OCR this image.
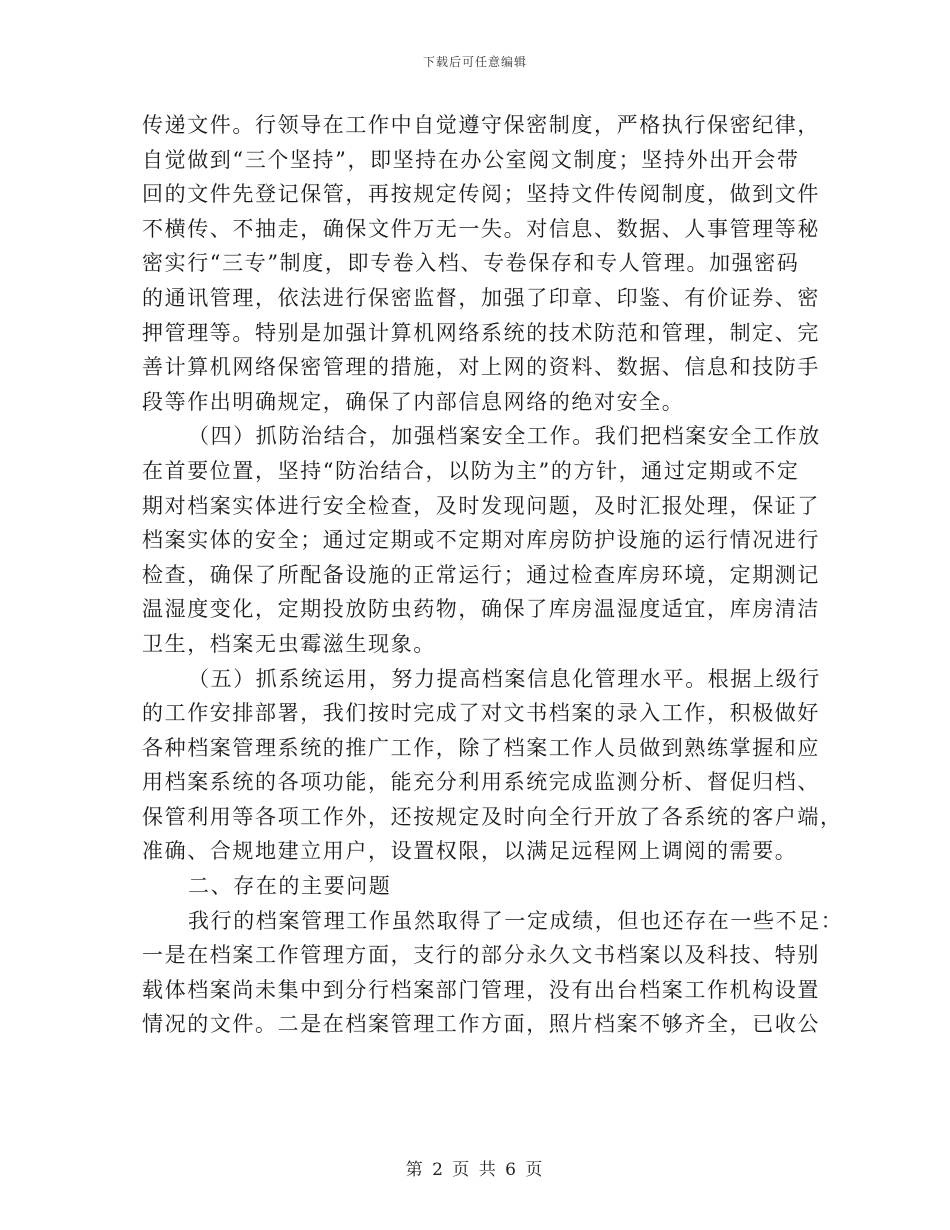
下载后可任意编辑
传递文件。行领导在工作中自觉遵守保密制度，严格执行保密纪律，
自觉做到“三个坚持”，即坚持在办公室阅文制度；坚持外出开会带
回的文件先登记保管，再按规定传阅；坚持文件传阅制度，做到文件
不横传、不抽走，确保文件万无一失。对信息、数据、人事管理等秘
密实行“三专”制度，即专卷入档、专卷保存和专人管理。加强密码
的通讯管理，依法进行保密监督，加强了印章、印鉴、有价证券、密
押管理等。特别是加强计算机网络系统的技术防范和管理，制定、完
善计算机网络保密管理的措施，对上网的资料、数据、信息和技防手
段等作出明确规定，确保了内部信息网络的绝对安全。
（四）抓防治结合，加强档案安全工作。我们把档案安全工作放
在首要位置，坚持“防治结合，以防为主”的方针，通过定期或不定
期对档案实体进行安全检查，及时发现问题，及时汇报处理，保证了
档案实体的安全；通过定期或不定期对库房防护设施的运行情况进行
检查，确保了所配备设施的正常运行；通过检查库房环境，定期测记
温湿度变化，定期投放防虫药物，确保了库房温湿度适宜，库房清洁
卫生，档案无虫霉滋生现象。
（五）抓系统运用，努力提高档案信息化管理水平。根据上级行
的工作安排部署，我们按时完成了对文书档案的录入工作，积极做好
各种档案管理系统的推广工作，除了档案工作人员做到熟练掌握和应
用档案系统的各项功能，能充分利用系统完成监测分析、督促归档、
保管利用等各项工作外，还按规定及时向全行开放了各系统的客户端，
准确、合规地建立用户，设置权限，以满足远程网上调阅的需要。
二、存在的主要问题
我行的档案管理工作虽然取得了一定成绩，但也还存在一些不足：
一是在档案工作管理方面，支行的部分永久文书档案以及科技、特别
载体档案尚未集中到分行档案部门管理，没有出台档案工作机构设置
情况的文件。二是在档案管理工作方面，照片档案不够齐全，已收公
第 2 页 共 6 页
